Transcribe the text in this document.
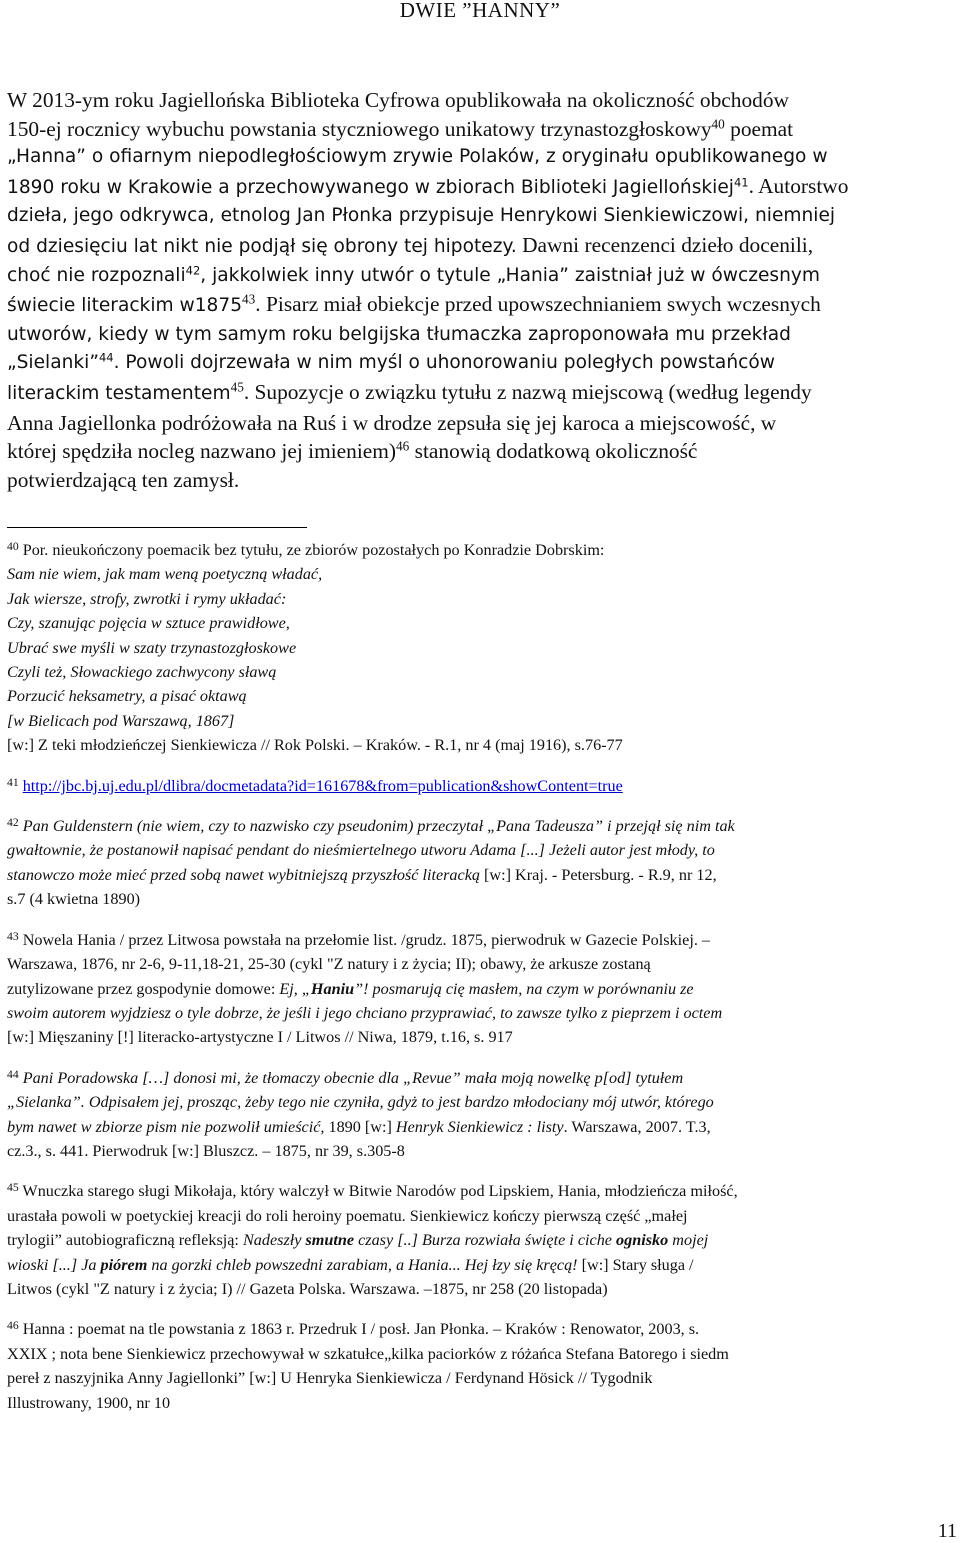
DWIE ”HANNY”
W 2013-ym roku Jagiellońska Biblioteka Cyfrowa opublikowała na okoliczność obchodów
150-ej rocznicy wybuchu powstania styczniowego unikatowy trzynastozgłoskowy$^{40}$ poemat
„Hanna” o ofiarnym niepodległościowym zrywie Polaków, z oryginału opublikowanego w
1890 roku w Krakowie a przechowywanego w zbiorach Biblioteki Jagiellońskiej$^{41}$. Autorstwo
dzieła, jego odkrywca, etnolog Jan Płonka przypisuje Henrykowi Sienkiewiczowi, niemniej
od dziesięciu lat nikt nie podjął się obrony tej hipotezy. Dawni recenzenci dzieło docenili,
choć nie rozpoznali$^{42}$, jakkolwiek inny utwór o tytule „Hania” zaistniał już w ówczesnym
świecie literackim w1875$^{43}$. Pisarz miał obiekcje przed upowszechnianiem swych wczesnych
utworów, kiedy w tym samym roku belgijska tłumaczka zaproponowała mu przekład
„Sielanki”$^{44}$. Powoli dojrzewała w nim myśl o uhonorowaniu poległych powstańców
literackim testamentem$^{45}$. Supozycje o związku tytułu z nazwą miejscową (według legendy
Anna Jagiellonka podróżowała na Ruś i w drodze zepsuła się jej karoca a miejscowość, w
której spędziła nocleg nazwano jej imieniem)$^{46}$ stanowią dodatkową okoliczność
potwierdzającą ten zamysł.
$^{40}$ Por. nieukończony poemacik bez tytułu, ze zbiorów pozostałych po Konradzie Dobrskim:
Sam nie wiem, jak mam weną poetyczną władać,
Jak wiersze, strofy, zwrotki i rymy układać:
Czy, szanując pojęcia w sztuce prawidłowe,
Ubrać swe myśli w szaty trzynastozgłoskowe
Czyli też, Słowackiego zachwycony sławą
Porzucić heksametry, a pisać oktawą
[w Bielicach pod Warszawą, 1867]
[w:] Z teki młodzieńczej Sienkiewicza // Rok Polski. – Kraków. - R.1, nr 4 (maj 1916), s.76-77
$^{41}$ http://jbc.bj.uj.edu.pl/dlibra/docmetadata?id=161678&from=publication&showContent=true
$^{42}$ Pan Guldenstern (nie wiem, czy to nazwisko czy pseudonim) przeczytał „Pana Tadeusza” i przejął się nim tak
gwałtownie, że postanowił napisać pendant do nieśmiertelnego utworu Adama [...] Jeżeli autor jest młody, to
stanowczo może mieć przed sobą nawet wybitniejszą przyszłość literacką [w:] Kraj. - Petersburg. - R.9, nr 12,
s.7 (4 kwietna 1890)
$^{43}$ Nowela Hania / przez Litwosa powstała na przełomie list. /grudz. 1875, pierwodruk w Gazecie Polskiej. –
Warszawa, 1876, nr 2-6, 9-11,18-21, 25-30 (cykl "Z natury i z życia; II); obawy, że arkusze zostaną
zutylizowane przez gospodynie domowe: Ej, „Haniu”! posmarują cię masłem, na czym w porównaniu ze
swoim autorem wyjdziesz o tyle dobrze, że jeśli i jego chciano przyprawiać, to zawsze tylko z pieprzem i octem
[w:] Mięszaniny [!] literacko-artystyczne I / Litwos // Niwa, 1879, t.16, s. 917
$^{44}$ Pani Poradowska […] donosi mi, że tłomaczy obecnie dla „Revue” mała moją nowelkę p[od] tytułem
„Sielanka”. Odpisałem jej, prosząc, żeby tego nie czyniła, gdyż to jest bardzo młodociany mój utwór, którego
bym nawet w zbiorze pism nie pozwolił umieścić, 1890 [w:] Henryk Sienkiewicz : listy. Warszawa, 2007. T.3,
cz.3., s. 441. Pierwodruk [w:] Bluszcz. – 1875, nr 39, s.305-8
$^{45}$ Wnuczka starego sługi Mikołaja, który walczył w Bitwie Narodów pod Lipskiem, Hania, młodzieńcza miłość,
urastała powoli w poetyckiej kreacji do roli heroiny poematu. Sienkiewicz kończy pierwszą część „małej
trylogii” autobiograficzną refleksją: Nadeszły smutne czasy [..] Burza rozwiała święte i ciche ognisko mojej
wioski [...] Ja piórem na gorzki chleb powszedni zarabiam, a Hania... Hej łzy się kręcą! [w:] Stary sługa /
Litwos (cykl "Z natury i z życia; I) // Gazeta Polska. Warszawa. –1875, nr 258 (20 listopada)
$^{46}$ Hanna : poemat na tle powstania z 1863 r. Przedruk I / posł. Jan Płonka. – Kraków : Renowator, 2003, s.
XXIX ; nota bene Sienkiewicz przechowywał w szkatułce„kilka paciorków z różańca Stefana Batorego i siedm
pereł z naszyjnika Anny Jagiellonki” [w:] U Henryka Sienkiewicza / Ferdynand Hösick // Tygodnik
Illustrowany, 1900, nr 10
11
